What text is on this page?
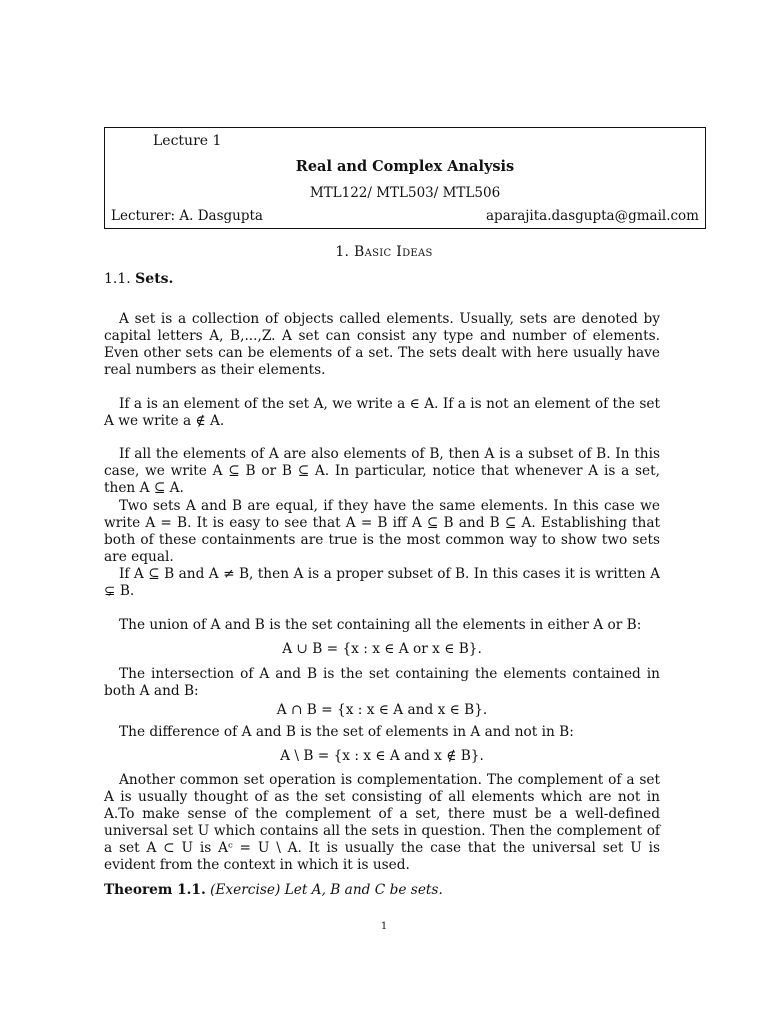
Lecture 1
Real and Complex Analysis
MTL122/ MTL503/ MTL506
Lecturer: A. Dasgupta	aparajita.dasgupta@gmail.com
1. Basic Ideas
1.1. Sets.
A set is a collection of objects called elements. Usually, sets are denoted by capital letters A, B,...,Z. A set can consist any type and number of elements. Even other sets can be elements of a set. The sets dealt with here usually have real numbers as their elements.
If a is an element of the set A, we write a ∈ A. If a is not an element of the set A we write a ∉ A.
If all the elements of A are also elements of B, then A is a subset of B. In this case, we write A ⊆ B or B ⊆ A. In particular, notice that whenever A is a set, then A ⊆ A.
Two sets A and B are equal, if they have the same elements. In this case we write A = B. It is easy to see that A = B iff A ⊆ B and B ⊆ A. Establishing that both of these containments are true is the most common way to show two sets are equal.
If A ⊆ B and A ≠ B, then A is a proper subset of B. In this cases it is written A ⊊ B.
The union of A and B is the set containing all the elements in either A or B:
A ∪ B = {x : x ∈ A or x ∈ B}.
The intersection of A and B is the set containing the elements contained in both A and B:
A ∩ B = {x : x ∈ A and x ∈ B}.
The difference of A and B is the set of elements in A and not in B:
A \ B = {x : x ∈ A and x ∉ B}.
Another common set operation is complementation. The complement of a set A is usually thought of as the set consisting of all elements which are not in A.To make sense of the complement of a set, there must be a well-defined universal set U which contains all the sets in question. Then the complement of a set A ⊂ U is Aᶜ = U \ A. It is usually the case that the universal set U is evident from the context in which it is used.
Theorem 1.1. (Exercise) Let A, B and C be sets.
1
